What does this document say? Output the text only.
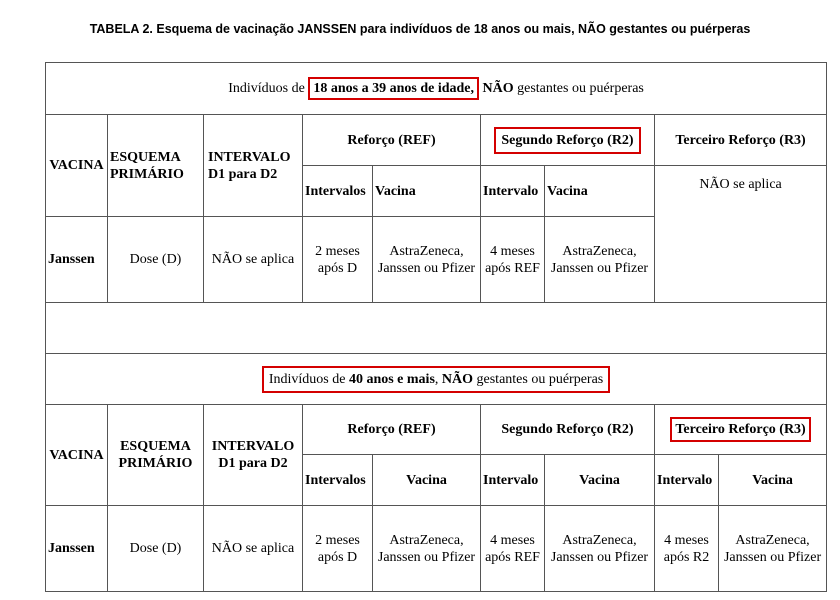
TABELA 2. Esquema de vacinação JANSSEN para indivíduos de 18 anos ou mais, NÃO gestantes ou puérperas
Indivíduos de 18 anos a 39 anos de idade, NÃO gestantes ou puérperas								
VACINA	ESQUEMA PRIMÁRIO	INTERVALO D1 para D2	Reforço (REF)		Segundo Reforço (R2)		Terceiro Reforço (R3)	
			Intervalos	Vacina	Intervalo	Vacina	NÃO se aplica	
Janssen	Dose (D)	NÃO se aplica	2 meses após D	AstraZeneca, Janssen ou Pfizer	4 meses após REF	AstraZeneca, Janssen ou Pfizer		

Indivíduos de 40 anos e mais, NÃO gestantes ou puérperas								
VACINA	ESQUEMA PRIMÁRIO	INTERVALO D1 para D2	Reforço (REF)		Segundo Reforço (R2)		Terceiro Reforço (R3)	
			Intervalos	Vacina	Intervalo	Vacina	Intervalo	Vacina
Janssen	Dose (D)	NÃO se aplica	2 meses após D	AstraZeneca, Janssen ou Pfizer	4 meses após REF	AstraZeneca, Janssen ou Pfizer	4 meses após R2	AstraZeneca, Janssen ou Pfizer
